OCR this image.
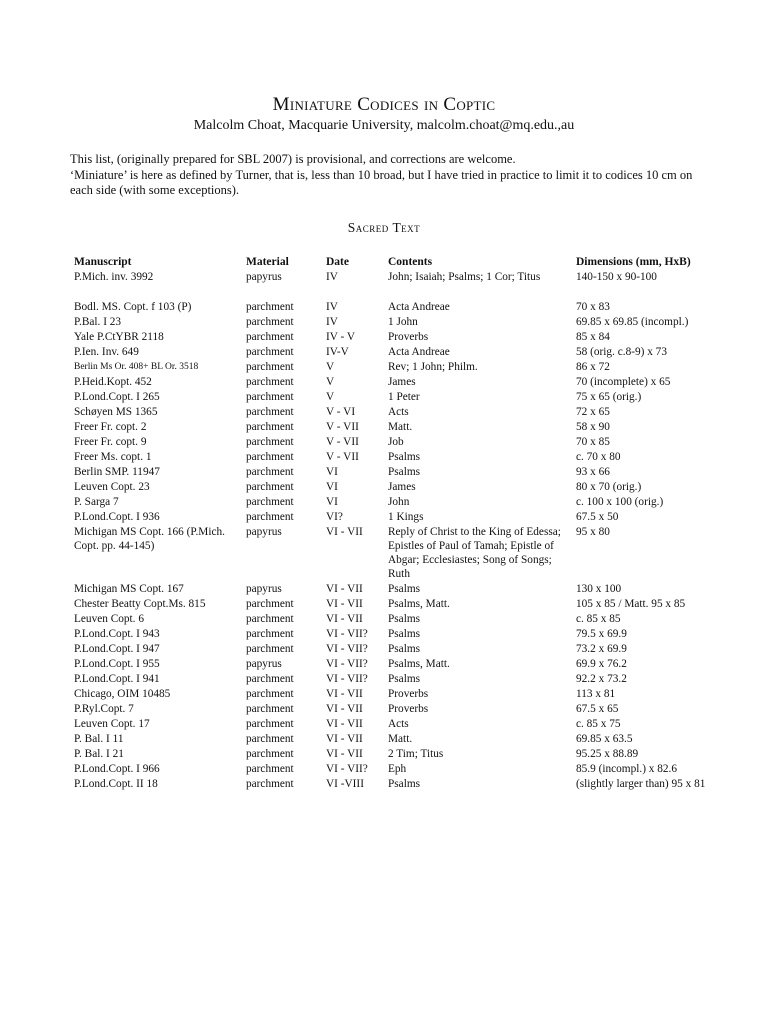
Miniature Codices in Coptic
Malcolm Choat, Macquarie University, malcolm.choat@mq.edu.,au

This list, (originally prepared for SBL 2007) is provisional, and corrections are welcome.

‘Miniature’ is here as defined by Turner, that is, less than 10 broad, but I have tried in practice to limit it to codices 10 cm on each side (with some exceptions).

Sacred Text
Manuscript	Material	Date	Contents	Dimensions (mm, HxB)
P.Mich. inv. 3992	papyrus	IV	John; Isaiah; Psalms; 1 Cor; Titus	140-150 x 90-100

Bodl. MS. Copt. f 103 (P)	parchment	IV	Acta Andreae	70 x 83
P.Bal. I 23	parchment	IV	1 John	69.85 x 69.85 (incompl.)
Yale P.CtYBR 2118	parchment	IV - V	Proverbs	85 x 84
P.Ien. Inv. 649	parchment	IV-V	Acta Andreae	58 (orig. c.8-9) x 73
Berlin Ms Or. 408+ BL Or. 3518	parchment	V	Rev; 1 John; Philm.	86 x 72
P.Heid.Kopt. 452	parchment	V	James	70 (incomplete) x 65
P.Lond.Copt. I 265	parchment	V	1 Peter	75 x 65 (orig.)
Schøyen MS 1365	parchment	V - VI	Acts	72 x 65
Freer Fr. copt. 2	parchment	V - VII	Matt.	58 x 90
Freer Fr. copt. 9	parchment	V - VII	Job	70 x 85
Freer Ms. copt. 1	parchment	V - VII	Psalms	c. 70 x 80
Berlin SMP. 11947	parchment	VI	Psalms	93 x 66
Leuven Copt. 23	parchment	VI	James	80 x 70 (orig.)
P. Sarga 7	parchment	VI	John	c. 100 x 100 (orig.)
P.Lond.Copt. I 936	parchment	VI?	1 Kings	67.5 x 50
Michigan MS Copt. 166 (P.Mich. Copt. pp. 44-145)	papyrus	VI - VII	Reply of Christ to the King of Edessa; Epistles of Paul of Tamah; Epistle of Abgar; Ecclesiastes; Song of Songs; Ruth	95 x 80
Michigan MS Copt. 167	papyrus	VI - VII	Psalms	130 x 100
Chester Beatty Copt.Ms. 815	parchment	VI - VII	Psalms, Matt.	105 x 85 / Matt. 95 x 85
Leuven Copt. 6	parchment	VI - VII	Psalms	c. 85 x 85
P.Lond.Copt. I 943	parchment	VI - VII?	Psalms	79.5 x 69.9
P.Lond.Copt. I 947	parchment	VI - VII?	Psalms	73.2 x 69.9
P.Lond.Copt. I 955	papyrus	VI - VII?	Psalms, Matt.	69.9 x 76.2
P.Lond.Copt. I 941	parchment	VI - VII?	Psalms	92.2 x 73.2
Chicago, OIM 10485	parchment	VI - VII	Proverbs	113 x 81
P.Ryl.Copt. 7	parchment	VI - VII	Proverbs	67.5 x 65
Leuven Copt. 17	parchment	VI - VII	Acts	c. 85 x 75
P. Bal. I 11	parchment	VI - VII	Matt.	69.85 x 63.5
P. Bal. I 21	parchment	VI - VII	2 Tim; Titus	95.25 x 88.89
P.Lond.Copt. I 966	parchment	VI - VII?	Eph	85.9 (incompl.) x 82.6
P.Lond.Copt. II 18	parchment	VI -VIII	Psalms	(slightly larger than) 95 x 81
